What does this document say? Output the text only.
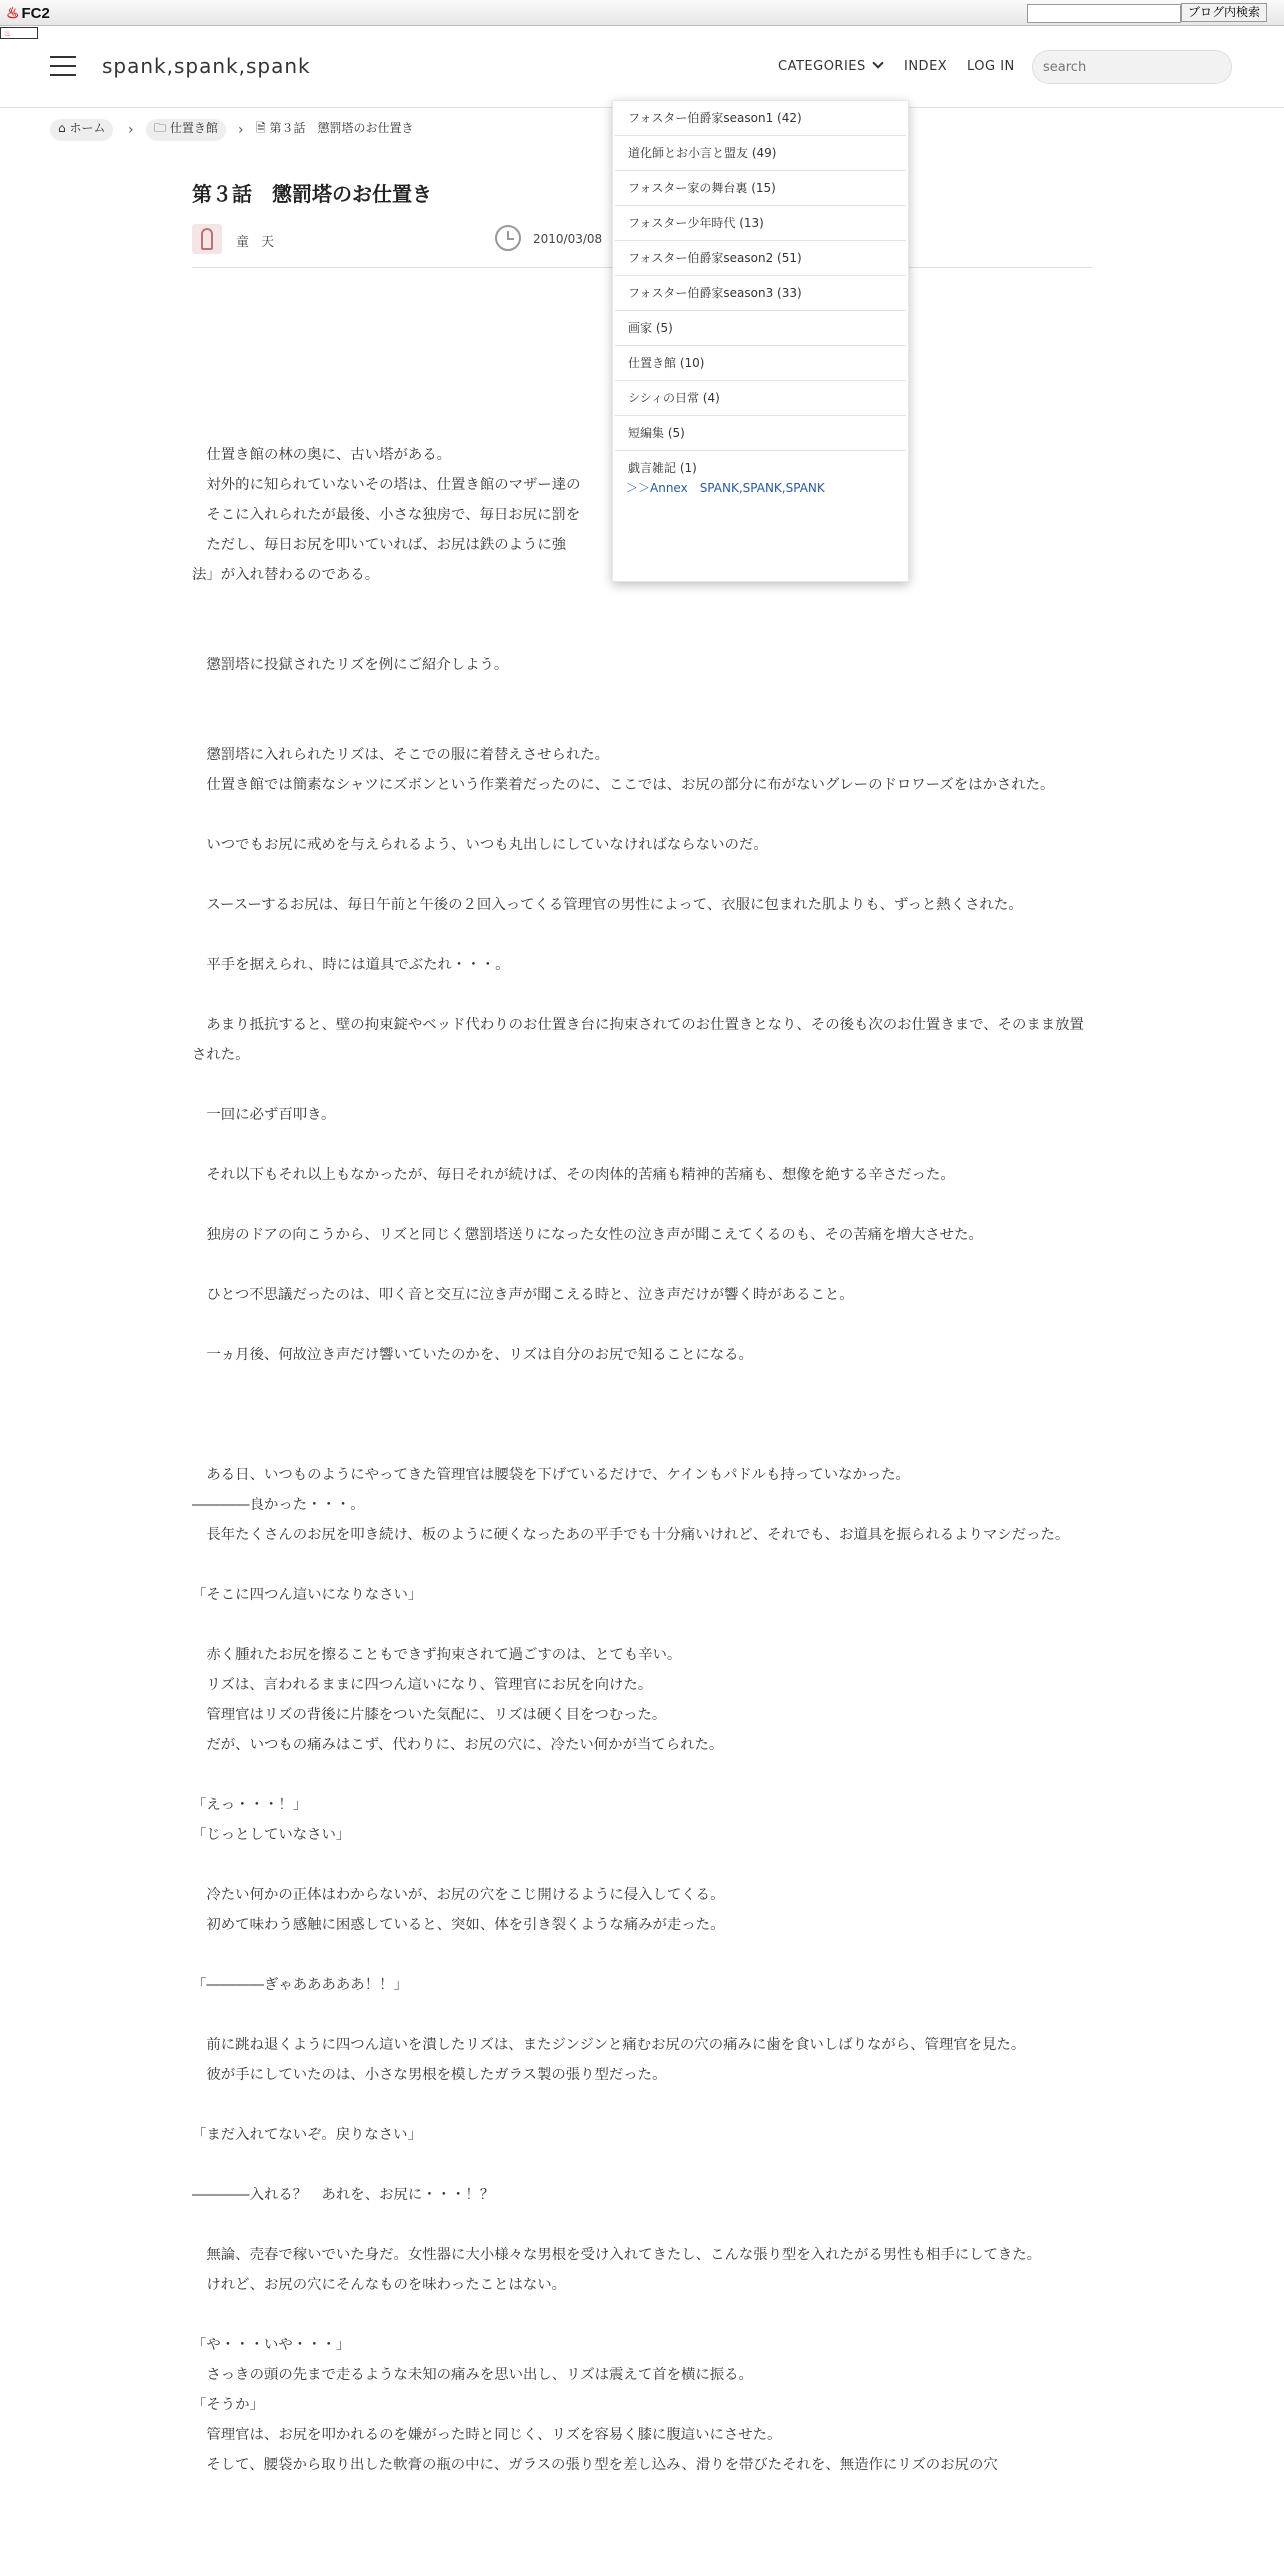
♨ FC2	ブログ内検索
♨
spank,spank,spank	CATEGORIES	INDEX LOG IN
search
⌂ ホーム	›	🗀 仕置き館	›	🗎 第３話　懲罰塔のお仕置き
第３話　懲罰塔のお仕置き
童 天	2010/03/08

　仕置き館の林の奥に、古い塔がある。

　対外的に知られていないその塔は、仕置き館のマザー達の

　そこに入れられたが最後、小さな独房で、毎日お尻に罰を

　ただし、毎日お尻を叩いていれば、お尻は鉄のように強

法」が入れ替わるのである。

　懲罰塔に投獄されたリズを例にご紹介しよう。

　懲罰塔に入れられたリズは、そこでの服に着替えさせられた。

　仕置き館では簡素なシャツにズボンという作業着だったのに、ここでは、お尻の部分に布がないグレーのドロワーズをはかされた。

　いつでもお尻に戒めを与えられるよう、いつも丸出しにしていなければならないのだ。

　スースーするお尻は、毎日午前と午後の２回入ってくる管理官の男性によって、衣服に包まれた肌よりも、ずっと熱くされた。

　平手を据えられ、時には道具でぶたれ・・・。

　あまり抵抗すると、壁の拘束錠やベッド代わりのお仕置き台に拘束されてのお仕置きとなり、その後も次のお仕置きまで、そのまま放置された。

　一回に必ず百叩き。

　それ以下もそれ以上もなかったが、毎日それが続けば、その肉体的苦痛も精神的苦痛も、想像を絶する辛さだった。

　独房のドアの向こうから、リズと同じく懲罰塔送りになった女性の泣き声が聞こえてくるのも、その苦痛を増大させた。

　ひとつ不思議だったのは、叩く音と交互に泣き声が聞こえる時と、泣き声だけが響く時があること。

　一ヵ月後、何故泣き声だけ響いていたのかを、リズは自分のお尻で知ることになる。

　ある日、いつものようにやってきた管理官は腰袋を下げているだけで、ケインもパドルも持っていなかった。

――――良かった・・・。

　長年たくさんのお尻を叩き続け、板のように硬くなったあの平手でも十分痛いけれど、それでも、お道具を振られるよりマシだった。

「そこに四つん這いになりなさい」

　赤く腫れたお尻を擦ることもできず拘束されて過ごすのは、とても辛い。

　リズは、言われるままに四つん這いになり、管理官にお尻を向けた。

　管理官はリズの背後に片膝をついた気配に、リズは硬く目をつむった。

　だが、いつもの痛みはこず、代わりに、お尻の穴に、冷たい何かが当てられた。

「えっ・・・！」

「じっとしていなさい」

　冷たい何かの正体はわからないが、お尻の穴をこじ開けるように侵入してくる。

　初めて味わう感触に困惑していると、突如、体を引き裂くような痛みが走った。

「――――ぎゃあああああ！！」

　前に跳ね退くように四つん這いを潰したリズは、またジンジンと痛むお尻の穴の痛みに歯を食いしばりながら、管理官を見た。

　彼が手にしていたのは、小さな男根を模したガラス製の張り型だった。

「まだ入れてないぞ。戻りなさい」

――――入れる？　あれを、お尻に・・・！？

　無論、売春で稼いでいた身だ。女性器に大小様々な男根を受け入れてきたし、こんな張り型を入れたがる男性も相手にしてきた。

　けれど、お尻の穴にそんなものを味わったことはない。

「や・・・いや・・・」

　さっきの頭の先まで走るような未知の痛みを思い出し、リズは震えて首を横に振る。

「そうか」

　管理官は、お尻を叩かれるのを嫌がった時と同じく、リズを容易く膝に腹這いにさせた。

　そして、腰袋から取り出した軟膏の瓶の中に、ガラスの張り型を差し込み、滑りを帯びたそれを、無造作にリズのお尻の穴

フォスター伯爵家season1 (42)
道化師とお小言と盟友 (49)
フォスター家の舞台裏 (15)
フォスター少年時代 (13)
フォスター伯爵家season2 (51)
フォスター伯爵家season3 (33)
画家 (5)
仕置き館 (10)
シシィの日常 (4)
短編集 (5)
戯言雑記 (1)
＞＞Annex　SPANK,SPANK,SPANK
